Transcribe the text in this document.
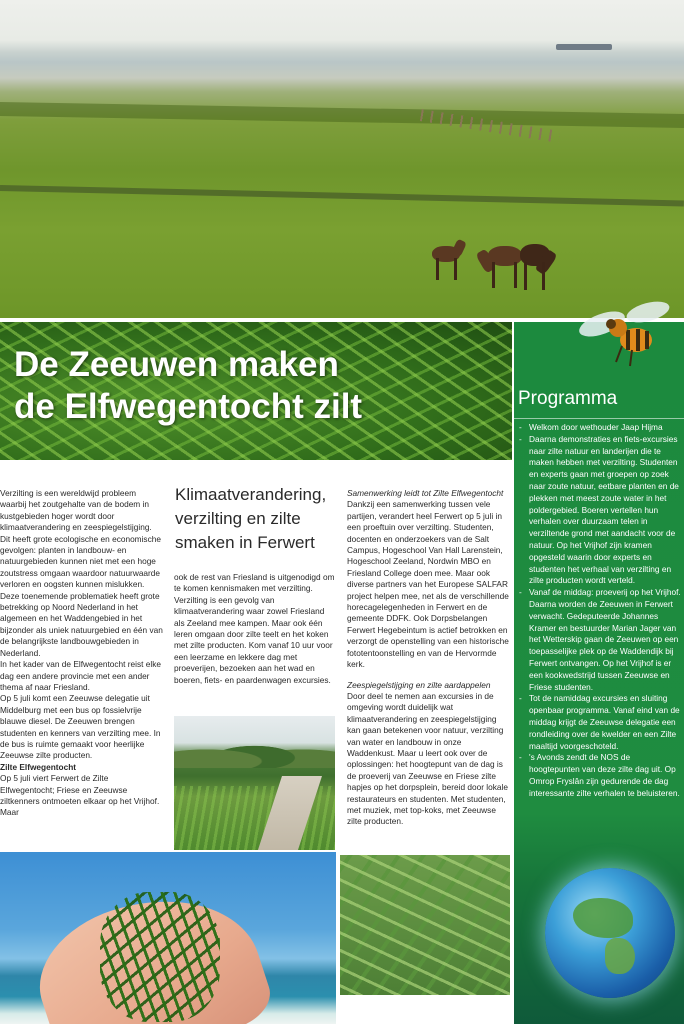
De Zeeuwen maken
de Elfwegentocht zilt	Programma
- Welkom door wethouder Jaap Hijma
- Daarna demonstraties en fiets-excursies naar zilte natuur en landerijen die te maken hebben met verzilting. Studenten en experts gaan met groepen op zoek naar zoute natuur, eetbare planten en de plekken met meest zoute water in het poldergebied. Boeren vertellen hun verhalen over duurzaam telen in verziltende grond met aandacht voor de natuur. Op het Vrijhof zijn kramen opgesteld waarin door experts en studenten het verhaal van verzilting en zilte producten wordt verteld.
- Vanaf de middag: proeverij op het Vrijhof. Daarna worden de Zeeuwen in Ferwert verwacht. Gedeputeerde Johannes Kramer en bestuurder Marian Jager van het Wetterskip gaan de Zeeuwen op een toepasselijke plek op de Waddendijk bij Ferwert ontvangen. Op het Vrijhof is er een kookwedstrijd tussen Zeeuwse en Friese studenten.
- Tot de namiddag excursies en sluiting openbaar programma. Vanaf eind van de middag krijgt de Zeeuwse delegatie een rondleiding over de kwelder en een Zilte maaltijd voorgeschoteld.
- 's Avonds zendt de NOS de hoogtepunten van deze zilte dag uit. Op Omrop Fryslân zijn gedurende de dag interessante zilte verhalen te beluisteren.

Verzilting is een wereldwijd probleem waarbij het zoutgehalte van de bodem in kustgebieden hoger wordt door klimaatverandering en zeespiegelstijging. Dit heeft grote ecologische en economische gevolgen: planten in landbouw- en natuurgebieden kunnen niet met een hoge zoutstress omgaan waardoor natuurwaarde verloren en oogsten kunnen mislukken.

Deze toenemende problematiek heeft grote betrekking op Noord Nederland in het algemeen en het Waddengebied in het bijzonder als uniek natuurgebied en één van de belangrijkste landbouwgebieden in Nederland.

In het kader van de Elfwegentocht reist elke dag een andere provincie met een ander thema af naar Friesland.

Op 5 juli komt een Zeeuwse delegatie uit Middelburg met een bus op fossielvrije blauwe diesel. De Zeeuwen brengen studenten en kenners van verzilting mee. In de bus is ruimte gemaakt voor heerlijke Zeeuwse zilte producten.

Zilte Elfwegentocht

Op 5 juli viert Ferwert de Zilte Elfwegentocht; Friese en Zeeuwse ziltkenners ontmoeten elkaar op het Vrijhof. Maar

Klimaatverandering, verzilting en zilte smaken in Ferwert

ook de rest van Friesland is uitgenodigd om te komen kennismaken met verzilting. Verzilting is een gevolg van klimaatverandering waar zowel Friesland als Zeeland mee kampen. Maar ook één leren omgaan door zilte teelt en het koken met zilte producten. Kom vanaf 10 uur voor een leerzame en lekkere dag met proeverijen, bezoeken aan het wad en boeren, fiets- en paardenwagen excursies.

Samenwerking leidt tot Zilte Elfwegentocht

Dankzij een samenwerking tussen vele partijen, verandert heel Ferwert op 5 juli in een proeftuin over verzilting. Studenten, docenten en onderzoekers van de Salt Campus, Hogeschool Van Hall Larenstein, Hogeschool Zeeland, Nordwin MBO en Friesland College doen mee. Maar ook diverse partners van het Europese SALFAR project helpen mee, net als de verschillende horecagelegenheden in Ferwert en de gemeente DDFK. Ook Dorpsbelangen Ferwert Hegebeintum is actief betrokken en verzorgt de openstelling van een historische fototentoonstelling en van de Hervormde kerk.

Zeespiegelstijging en zilte aardappelen

Door deel te nemen aan excursies in de omgeving wordt duidelijk wat klimaatverandering en zeespiegelstijging kan gaan betekenen voor natuur, verzilting van water en landbouw in onze Waddenkust. Maar u leert ook over de oplossingen: het hoogtepunt van de dag is de proeverij van Zeeuwse en Friese zilte hapjes op het dorpsplein, bereid door lokale restaurateurs en studenten. Met studenten, met muziek, met top-koks, met Zeeuwse zilte producten.
